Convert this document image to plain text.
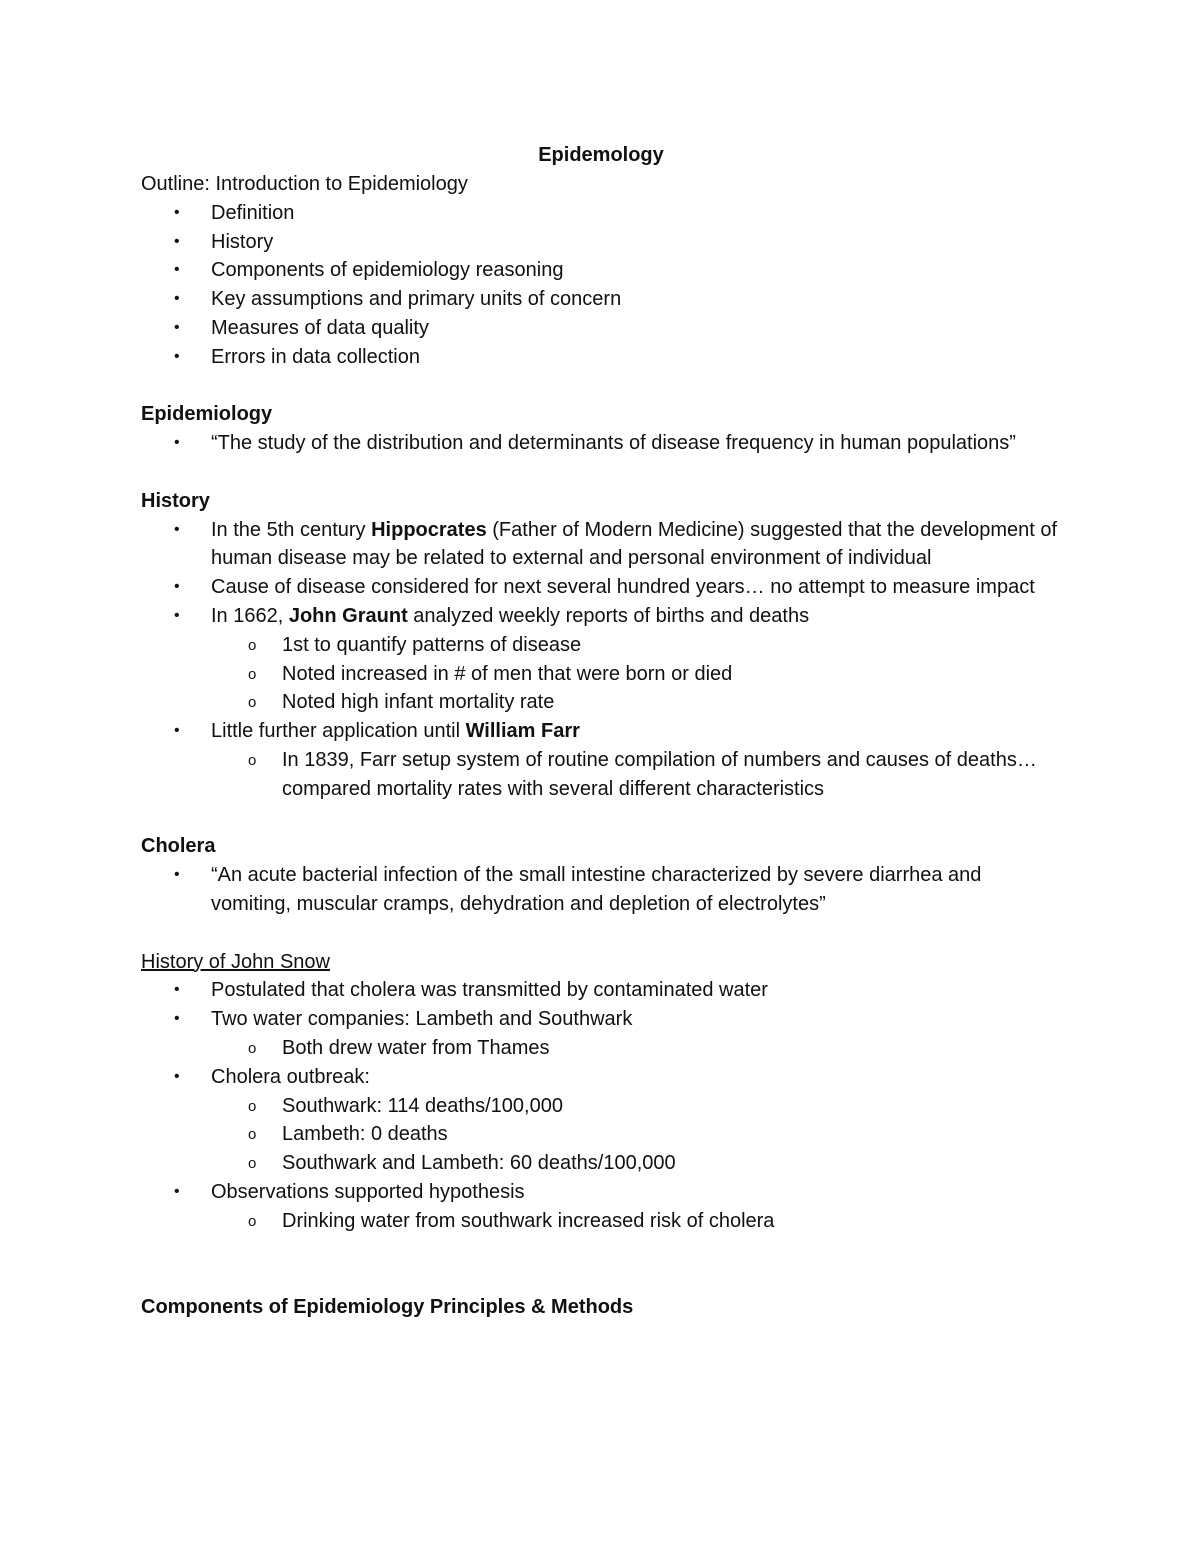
Epidemology

Outline: Introduction to Epidemiology

• Definition
• History
• Components of epidemiology reasoning
• Key assumptions and primary units of concern
• Measures of data quality
• Errors in data collection

Epidemiology

• “The study of the distribution and determinants of disease frequency in human populations”

History

• In the 5th century Hippocrates (Father of Modern Medicine) suggested that the development of human disease may be related to external and personal environment of individual
• Cause of disease considered for next several hundred years… no attempt to measure impact
• In 1662, John Graunt analyzed weekly reports of births and deaths
o 1st to quantify patterns of disease
o Noted increased in # of men that were born or died
o Noted high infant mortality rate
• Little further application until William Farr
o In 1839, Farr setup system of routine compilation of numbers and causes of deaths… compared mortality rates with several different characteristics

Cholera

• “An acute bacterial infection of the small intestine characterized by severe diarrhea and vomiting, muscular cramps, dehydration and depletion of electrolytes”

History of John Snow

• Postulated that cholera was transmitted by contaminated water
• Two water companies: Lambeth and Southwark
o Both drew water from Thames
• Cholera outbreak:
o Southwark: 114 deaths/100,000
o Lambeth: 0 deaths
o Southwark and Lambeth: 60 deaths/100,000
• Observations supported hypothesis
o Drinking water from southwark increased risk of cholera

Components of Epidemiology Principles & Methods
